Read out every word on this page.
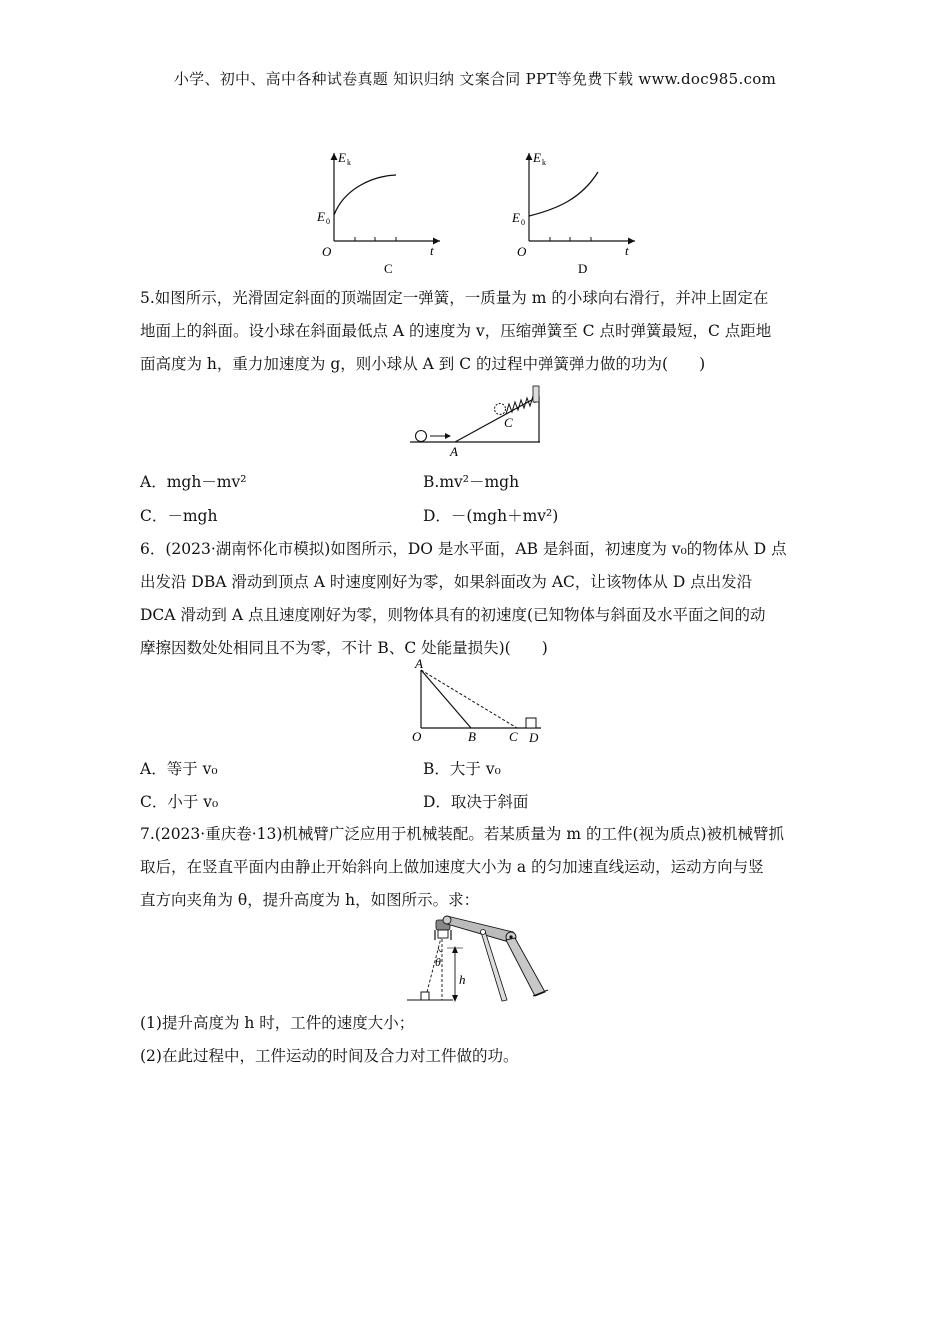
小学、初中、高中各种试卷真题 知识归纳 文案合同 PPT等免费下载 www.doc985.com
E k
E 0
O	t
C
E k
E 0
O	t
D
5.如图所示，光滑固定斜面的顶端固定一弹簧，一质量为 m 的小球向右滑行，并冲上固定在
地面上的斜面。设小球在斜面最低点 A 的速度为 v，压缩弹簧至 C 点时弹簧最短，C 点距地
面高度为 h，重力加速度为 g，则小球从 A 到 C 的过程中弹簧弹力做的功为(　　)
C
A
A．mgh－mv²	B.mv²－mgh
C．－mgh	D．－(mgh＋mv²)
6．(2023·湖南怀化市模拟)如图所示，DO 是水平面，AB 是斜面，初速度为 v₀的物体从 D 点
出发沿 DBA 滑动到顶点 A 时速度刚好为零，如果斜面改为 AC，让该物体从 D 点出发沿
DCA 滑动到 A 点且速度刚好为零，则物体具有的初速度(已知物体与斜面及水平面之间的动
摩擦因数处处相同且不为零，不计 B、C 处能量损失)(　　)
A
O	B	C D
A．等于 v₀	B．大于 v₀
C．小于 v₀	D．取决于斜面
7.(2023·重庆卷·13)机械臂广泛应用于机械装配。若某质量为 m 的工件(视为质点)被机械臂抓
取后，在竖直平面内由静止开始斜向上做加速度大小为 a 的匀加速直线运动，运动方向与竖
直方向夹角为 θ，提升高度为 h，如图所示。求：
θ
h
(1)提升高度为 h 时，工件的速度大小；
(2)在此过程中，工件运动的时间及合力对工件做的功。
